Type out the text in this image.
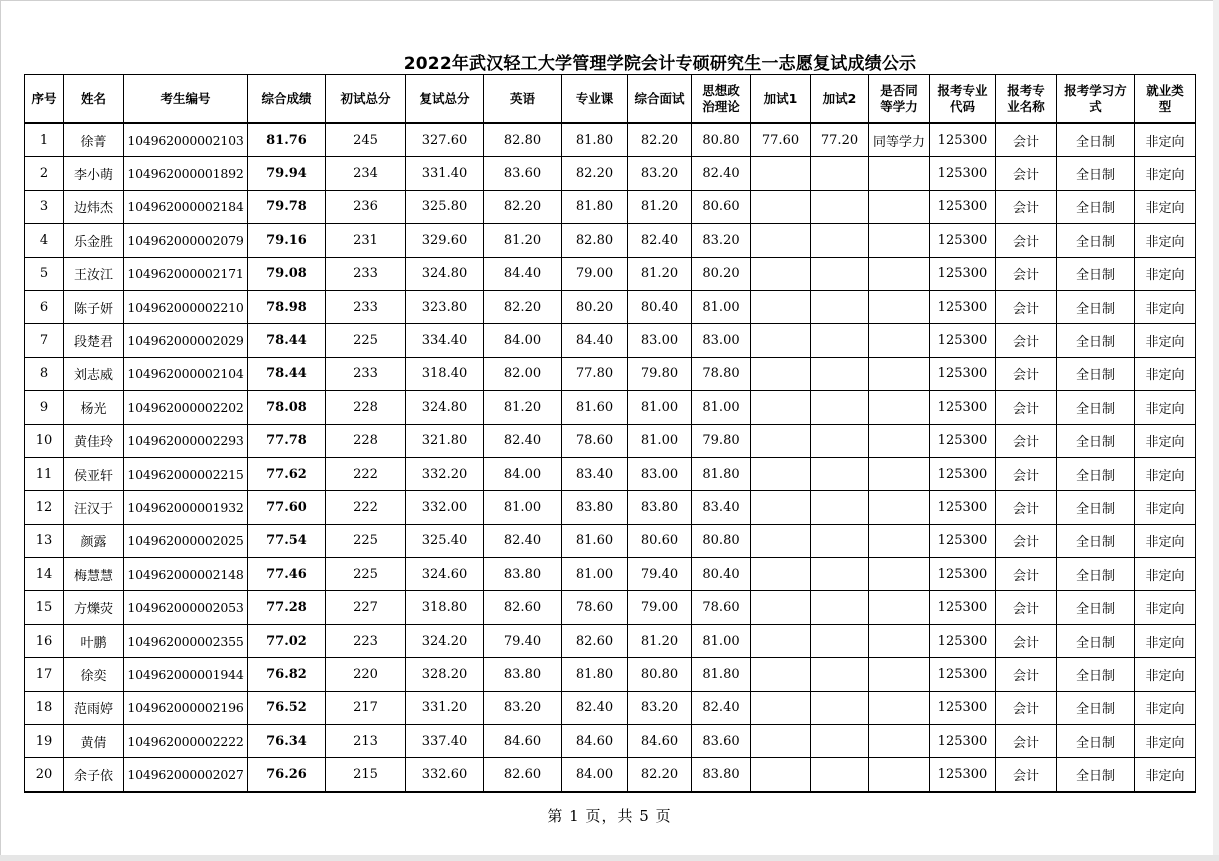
2022年武汉轻工大学管理学院会计专硕研究生一志愿复试成绩公示
序号	姓名	考生编号	综合成绩	初试总分	复试总分	英语	专业课	综合面试	思想政治理论	加试1	加试2	是否同等学力	报考专业代码	报考专业名称	报考学习方式	就业类型
1	徐菁	104962000002103	81.76	245	327.60	82.80	81.80	82.20	80.80	77.60	77.20	同等学力	125300	会计	全日制	非定向
2	李小萌	104962000001892	79.94	234	331.40	83.60	82.20	83.20	82.40				125300	会计	全日制	非定向
3	边炜杰	104962000002184	79.78	236	325.80	82.20	81.80	81.20	80.60				125300	会计	全日制	非定向
4	乐金胜	104962000002079	79.16	231	329.60	81.20	82.80	82.40	83.20				125300	会计	全日制	非定向
5	王汝江	104962000002171	79.08	233	324.80	84.40	79.00	81.20	80.20				125300	会计	全日制	非定向
6	陈子妍	104962000002210	78.98	233	323.80	82.20	80.20	80.40	81.00				125300	会计	全日制	非定向
7	段楚君	104962000002029	78.44	225	334.40	84.00	84.40	83.00	83.00				125300	会计	全日制	非定向
8	刘志威	104962000002104	78.44	233	318.40	82.00	77.80	79.80	78.80				125300	会计	全日制	非定向
9	杨光	104962000002202	78.08	228	324.80	81.20	81.60	81.00	81.00				125300	会计	全日制	非定向
10	黄佳玲	104962000002293	77.78	228	321.80	82.40	78.60	81.00	79.80				125300	会计	全日制	非定向
11	侯亚轩	104962000002215	77.62	222	332.20	84.00	83.40	83.00	81.80				125300	会计	全日制	非定向
12	汪汉于	104962000001932	77.60	222	332.00	81.00	83.80	83.80	83.40				125300	会计	全日制	非定向
13	颜露	104962000002025	77.54	225	325.40	82.40	81.60	80.60	80.80				125300	会计	全日制	非定向
14	梅慧慧	104962000002148	77.46	225	324.60	83.80	81.00	79.40	80.40				125300	会计	全日制	非定向
15	方爍荧	104962000002053	77.28	227	318.80	82.60	78.60	79.00	78.60				125300	会计	全日制	非定向
16	叶鹏	104962000002355	77.02	223	324.20	79.40	82.60	81.20	81.00				125300	会计	全日制	非定向
17	徐奕	104962000001944	76.82	220	328.20	83.80	81.80	80.80	81.80				125300	会计	全日制	非定向
18	范雨婷	104962000002196	76.52	217	331.20	83.20	82.40	83.20	82.40				125300	会计	全日制	非定向
19	黄倩	104962000002222	76.34	213	337.40	84.60	84.60	84.60	83.60				125300	会计	全日制	非定向
20	余子依	104962000002027	76.26	215	332.60	82.60	84.00	82.20	83.80				125300	会计	全日制	非定向
第 1 页，共 5 页
